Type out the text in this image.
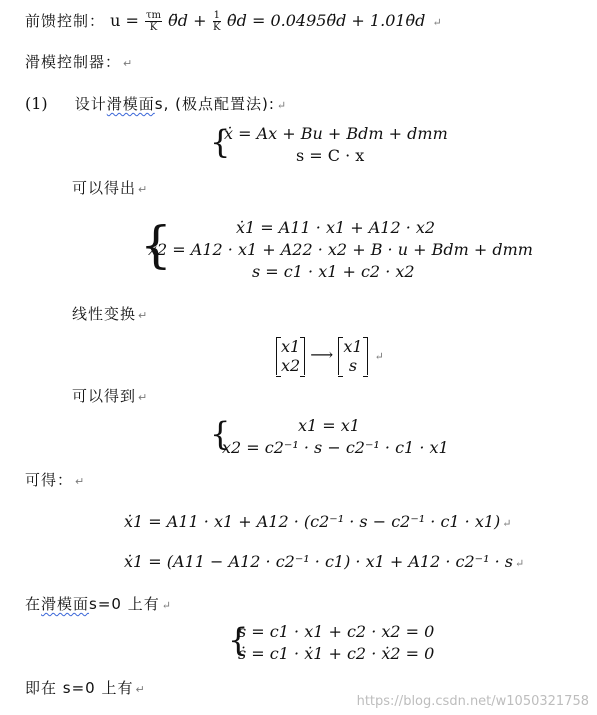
前馈控制： $u = \frac{\tau m}{K}$ θ̈d + $\frac{1}{K}$ θ̇d = 0.0495θ̈d + 1.01θ̇d ↵
滑模控制器： ↵
(1) 设计滑模面s, (极点配置法): ↵
{
ẋ = Ax + Bu + Bdm + dmm
s = C · x
可以得出 ↵
{	ẋ1 = A11 · x1 + A12 · x2
ẋ2 = A12 · x1 + A22 · x2 + B · u + Bdm + dmm
s = c1 · x1 + c2 · x2
线性变换 ↵
x1
x2
⟶ x1
s	↵
可以得到 ↵
{	x1 = x1
x2 = c2⁻¹ · s − c2⁻¹ · c1 · x1
可得： ↵
ẋ1 = A11 · x1 + A12 · (c2⁻¹ · s − c2⁻¹ · c1 · x1) ↵
ẋ1 = (A11 − A12 · c2⁻¹ · c1) · x1 + A12 · c2⁻¹ · s ↵
在滑模面s=0 上有 ↵
{
s = c1 · x1 + c2 · x2 = 0
ṡ = c1 · ẋ1 + c2 · ẋ2 = 0
即在 s=0 上有 ↵
https://blog.csdn.net/w1050321758
